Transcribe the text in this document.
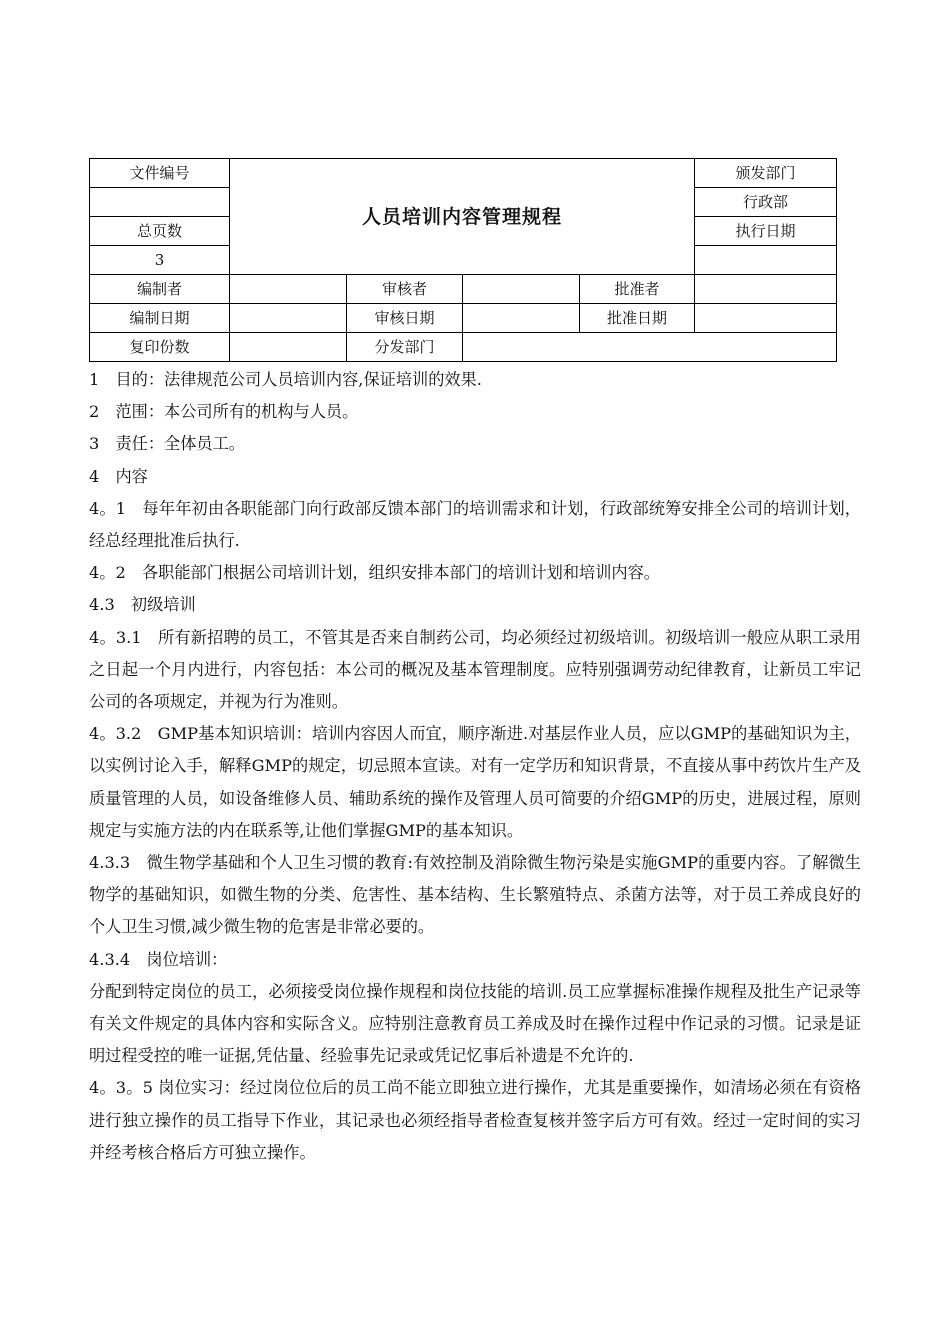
文件编号	人员培训内容管理规程				颁发部门
					行政部
总页数					执行日期
3					
编制者		审核者		批准者	
编制日期		审核日期		批准日期	
复印份数		分发部门			

1　目的：法律规范公司人员培训内容,保证培训的效果.

2　范围：本公司所有的机构与人员。

3　责任：全体员工。

4　内容

4。1　每年年初由各职能部门向行政部反馈本部门的培训需求和计划，行政部统筹安排全公司的培训计划，经总经理批准后执行.

4。2　各职能部门根据公司培训计划，组织安排本部门的培训计划和培训内容。

4.3　初级培训

4。3.1　所有新招聘的员工，不管其是否来自制药公司，均必须经过初级培训。初级培训一般应从职工录用之日起一个月内进行，内容包括：本公司的概况及基本管理制度。应特别强调劳动纪律教育，让新员工牢记公司的各项规定，并视为行为准则。

4。3.2　GMP基本知识培训：培训内容因人而宜，顺序渐进.对基层作业人员，应以GMP的基础知识为主，以实例讨论入手，解释GMP的规定，切忌照本宣读。对有一定学历和知识背景，不直接从事中药饮片生产及质量管理的人员，如设备维修人员、辅助系统的操作及管理人员可简要的介绍GMP的历史，进展过程，原则规定与实施方法的内在联系等,让他们掌握GMP的基本知识。

4.3.3　微生物学基础和个人卫生习惯的教育:有效控制及消除微生物污染是实施GMP的重要内容。了解微生物学的基础知识，如微生物的分类、危害性、基本结构、生长繁殖特点、杀菌方法等，对于员工养成良好的个人卫生习惯,减少微生物的危害是非常必要的。

4.3.4　岗位培训：

分配到特定岗位的员工，必须接受岗位操作规程和岗位技能的培训.员工应掌握标准操作规程及批生产记录等有关文件规定的具体内容和实际含义。应特别注意教育员工养成及时在操作过程中作记录的习惯。记录是证明过程受控的唯一证据,凭估量、经验事先记录或凭记忆事后补遗是不允许的.

4。3。5 岗位实习：经过岗位位后的员工尚不能立即独立进行操作，尤其是重要操作，如清场必须在有资格进行独立操作的员工指导下作业，其记录也必须经指导者检查复核并签字后方可有效。经过一定时间的实习并经考核合格后方可独立操作。
